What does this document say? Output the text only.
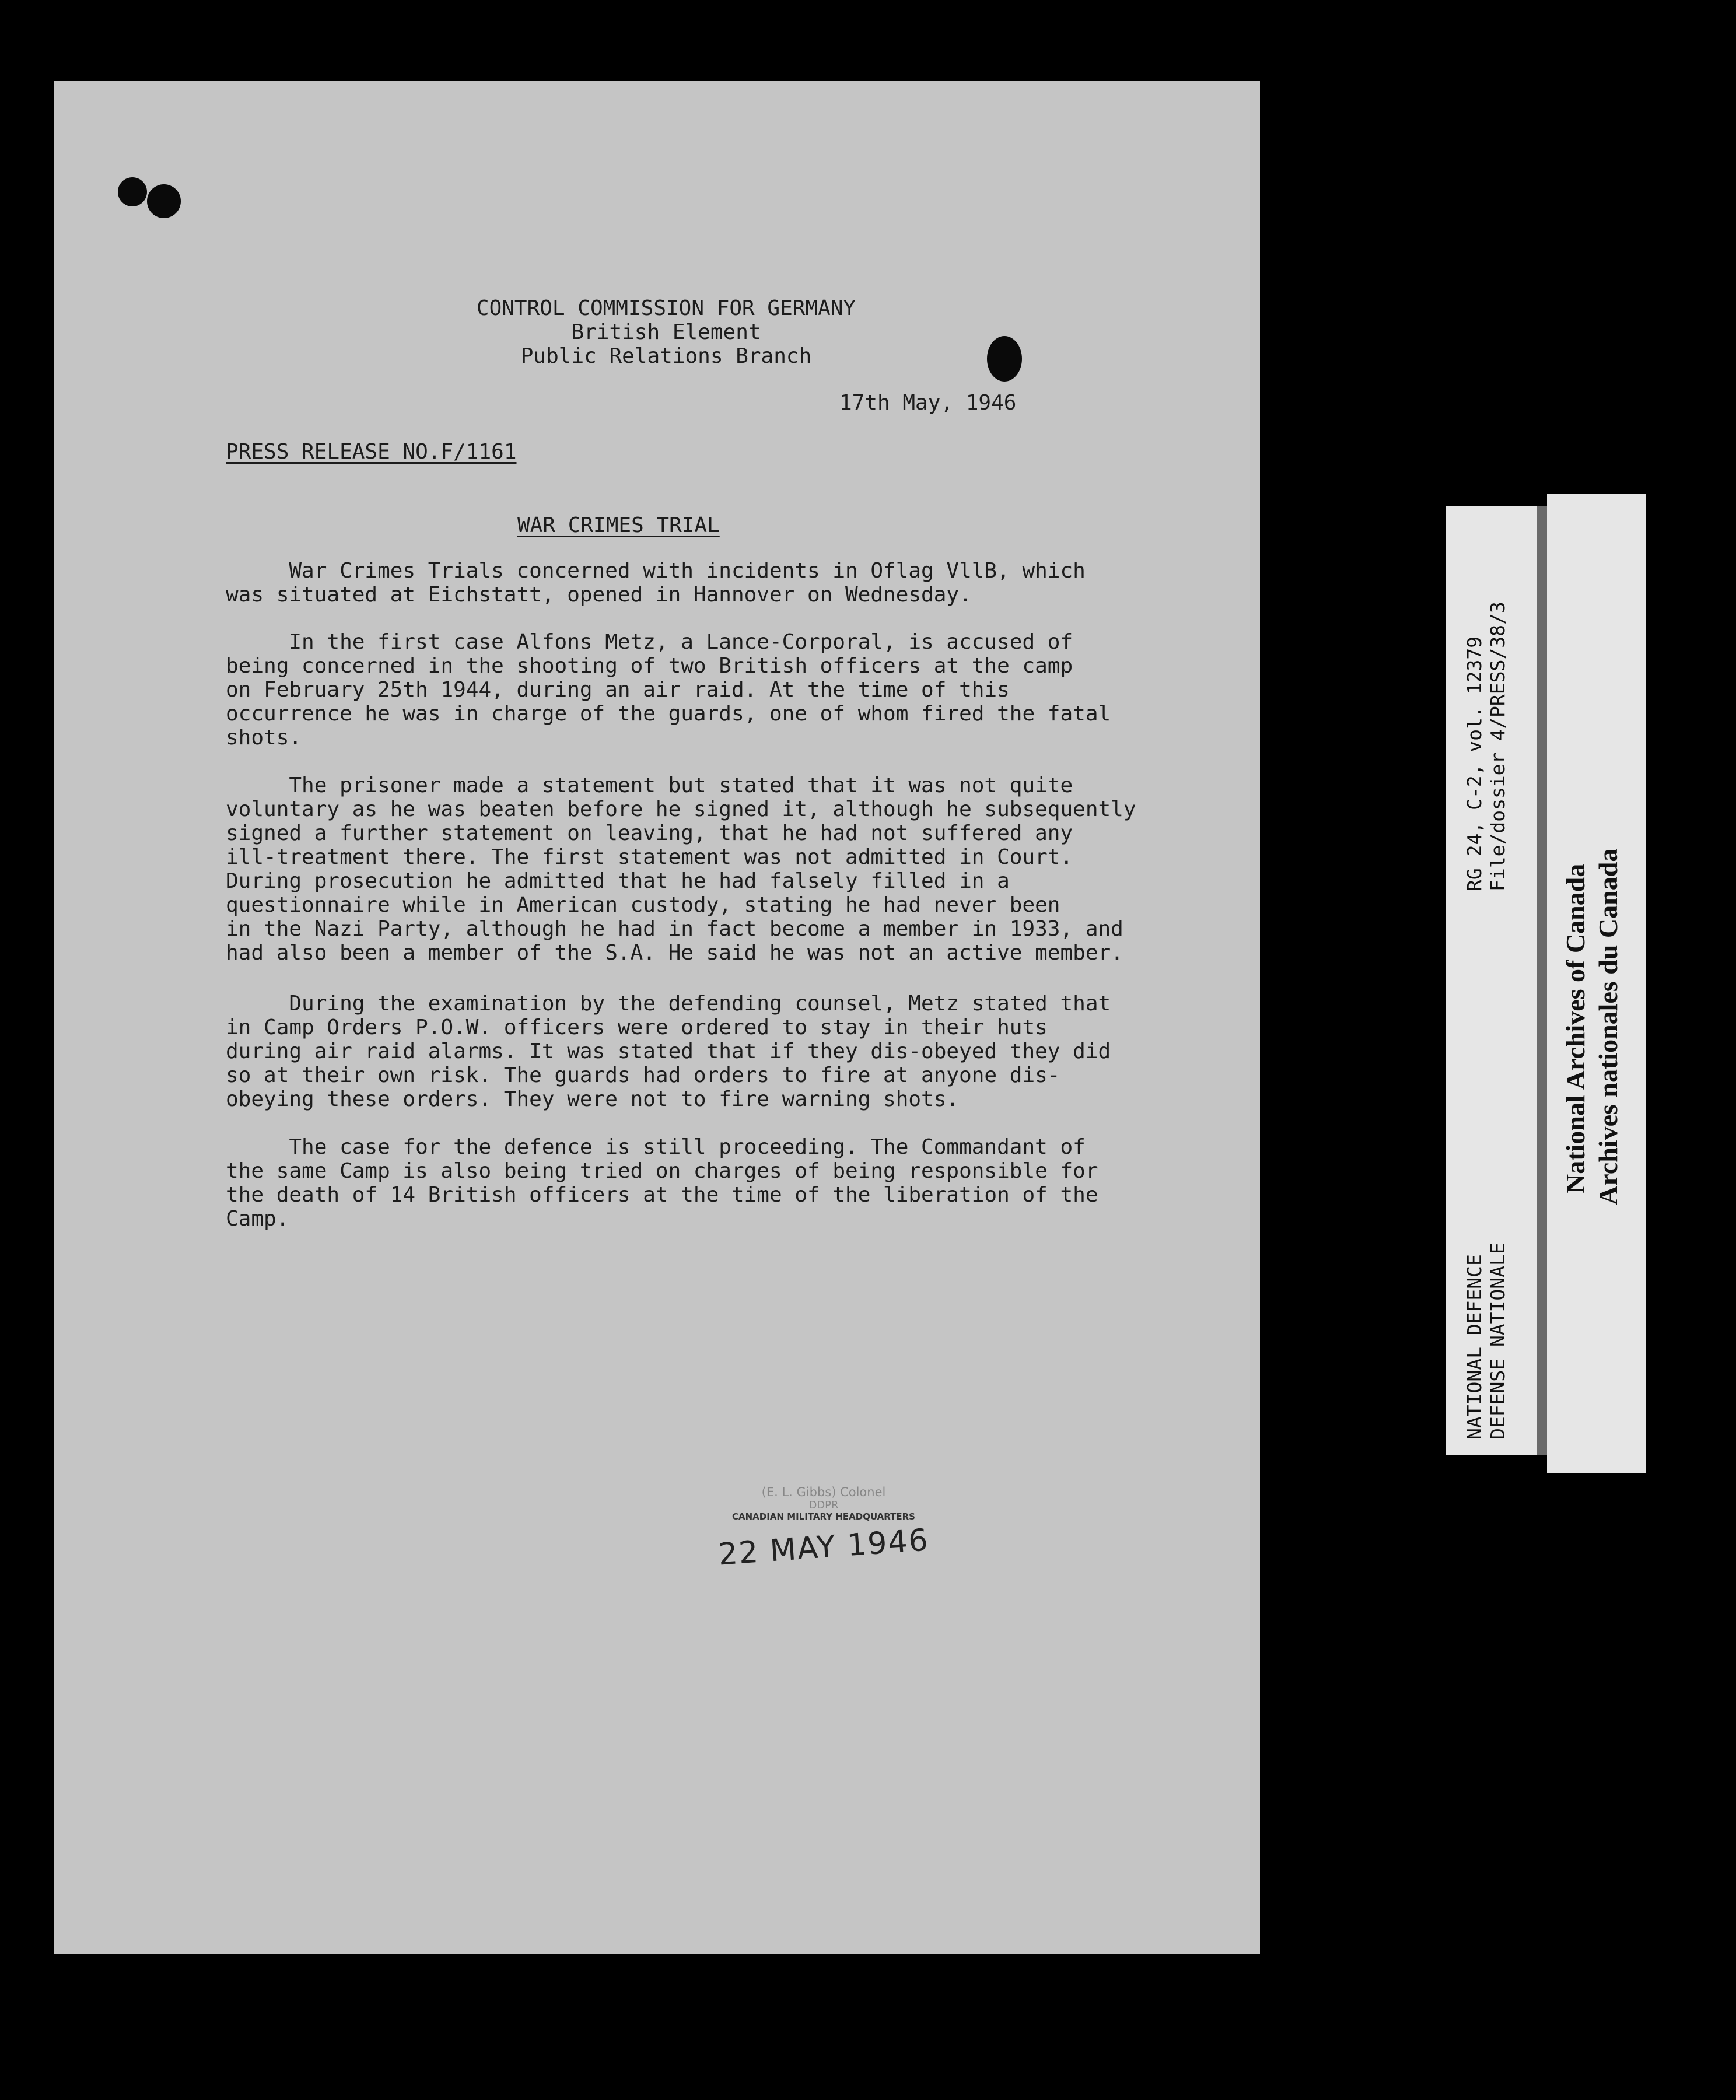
CONTROL COMMISSION FOR GERMANY
British Element
Public Relations Branch
17th May, 1946
PRESS RELEASE NO.F/1161
WAR CRIMES TRIAL
War Crimes Trials concerned with incidents in Oflag VllB, which
was situated at Eichstatt, opened in Hannover on Wednesday.
In the first case Alfons Metz, a Lance-Corporal, is accused of
being concerned in the shooting of two British officers at the camp
on February 25th 1944, during an air raid. At the time of this
occurrence he was in charge of the guards, one of whom fired the fatal
shots.
The prisoner made a statement but stated that it was not quite
voluntary as he was beaten before he signed it, although he subsequently
signed a further statement on leaving, that he had not suffered any
ill-treatment there. The first statement was not admitted in Court.
During prosecution he admitted that he had falsely filled in a
questionnaire while in American custody, stating he had never been
in the Nazi Party, although he had in fact become a member in 1933, and
had also been a member of the S.A. He said he was not an active member.
During the examination by the defending counsel, Metz stated that
in Camp Orders P.O.W. officers were ordered to stay in their huts
during air raid alarms. It was stated that if they dis-obeyed they did
so at their own risk. The guards had orders to fire at anyone dis-
obeying these orders. They were not to fire warning shots.
The case for the defence is still proceeding. The Commandant of
the same Camp is also being tried on charges of being responsible for
the death of 14 British officers at the time of the liberation of the
Camp.
(E. L. Gibbs) Colonel
DDPR
CANADIAN MILITARY HEADQUARTERS
22 MAY 1946
RG 24, C-2, vol. 12379 File/dossier 4/PRESS/38/3
NATIONAL DEFENCE DEFENSE NATIONALE
National Archives of Canada Archives nationales du Canada
